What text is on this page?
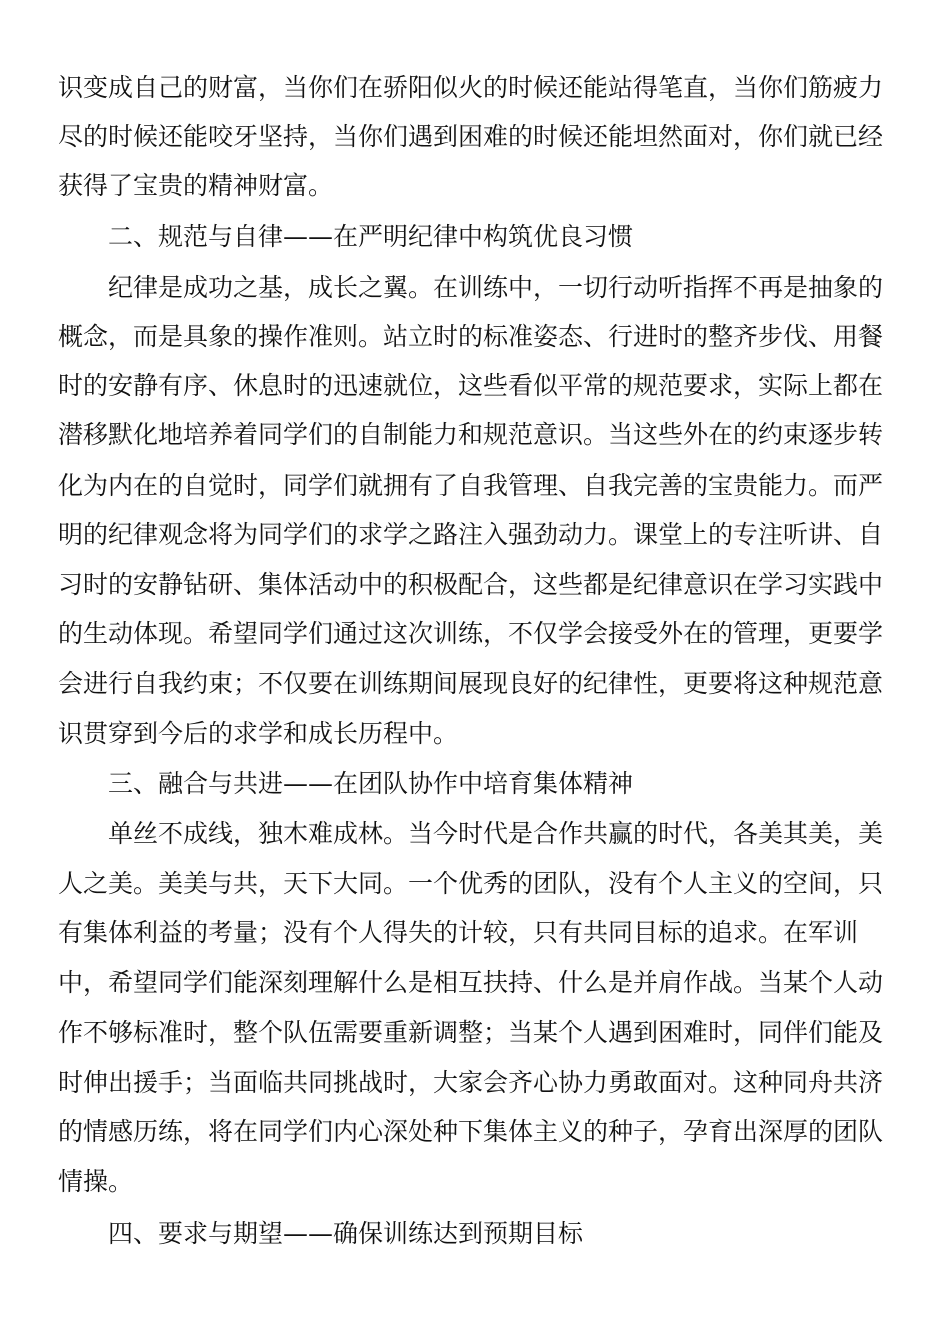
识变成自己的财富，当你们在骄阳似火的时候还能站得笔直，当你们筋疲力
尽的时候还能咬牙坚持，当你们遇到困难的时候还能坦然面对，你们就已经
获得了宝贵的精神财富。
二、规范与自律——在严明纪律中构筑优良习惯
纪律是成功之基，成长之翼。在训练中，一切行动听指挥不再是抽象的
概念，而是具象的操作准则。站立时的标准姿态、行进时的整齐步伐、用餐
时的安静有序、休息时的迅速就位，这些看似平常的规范要求，实际上都在
潜移默化地培养着同学们的自制能力和规范意识。当这些外在的约束逐步转
化为内在的自觉时，同学们就拥有了自我管理、自我完善的宝贵能力。而严
明的纪律观念将为同学们的求学之路注入强劲动力。课堂上的专注听讲、自
习时的安静钻研、集体活动中的积极配合，这些都是纪律意识在学习实践中
的生动体现。希望同学们通过这次训练，不仅学会接受外在的管理，更要学
会进行自我约束；不仅要在训练期间展现良好的纪律性，更要将这种规范意
识贯穿到今后的求学和成长历程中。
三、融合与共进——在团队协作中培育集体精神
单丝不成线，独木难成林。当今时代是合作共赢的时代，各美其美，美
人之美。美美与共，天下大同。一个优秀的团队，没有个人主义的空间，只
有集体利益的考量；没有个人得失的计较，只有共同目标的追求。在军训
中，希望同学们能深刻理解什么是相互扶持、什么是并肩作战。当某个人动
作不够标准时，整个队伍需要重新调整；当某个人遇到困难时，同伴们能及
时伸出援手；当面临共同挑战时，大家会齐心协力勇敢面对。这种同舟共济
的情感历练，将在同学们内心深处种下集体主义的种子，孕育出深厚的团队
情操。
四、要求与期望——确保训练达到预期目标
